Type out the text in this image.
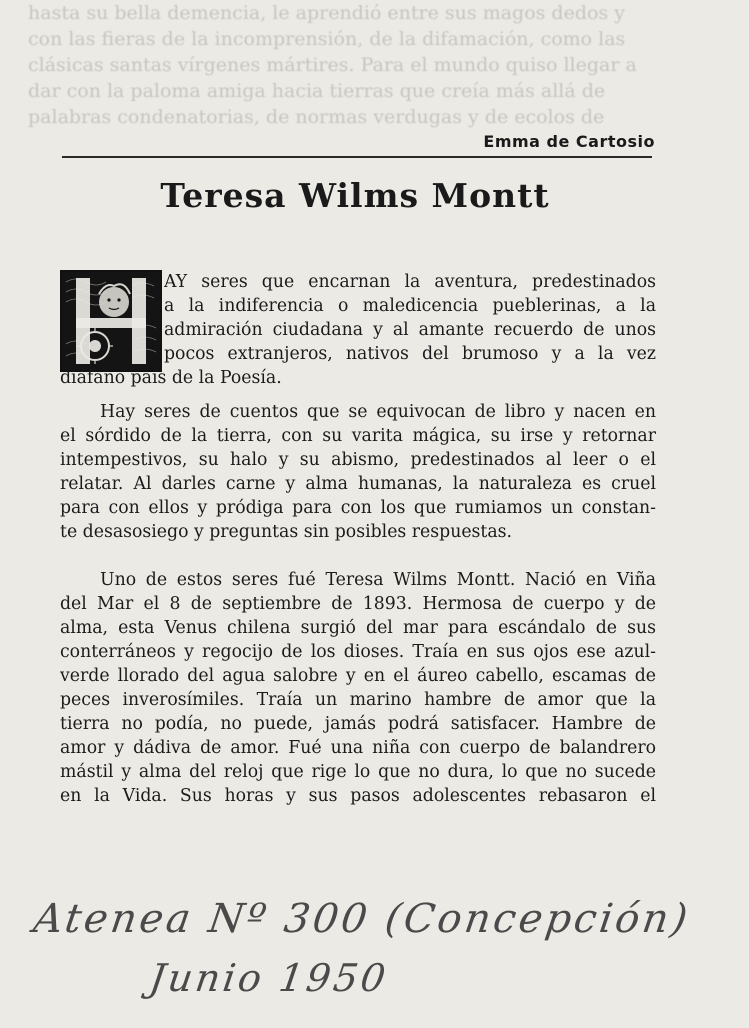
hasta su bella demencia, le aprendió entre sus magos dedos y
con las fieras de la incomprensión, de la difamación, como las
clásicas santas vírgenes mártires. Para el mundo quiso llegar a
dar con la paloma amiga hacia tierras que creía más allá de
palabras condenatorias, de normas verdugas y de ecolos de
Emma de Cartosio
Teresa Wilms Montt
AY seres que encarnan la aventura, predestinados
a la indiferencia o maledicencia pueblerinas, a la
admiración ciudadana y al amante recuerdo de unos
pocos extranjeros, nativos del brumoso y a la vez
diáfano país de la Poesía.
Hay seres de cuentos que se equivocan de libro y nacen en
el sórdido de la tierra, con su varita mágica, su irse y retornar
intempestivos, su halo y su abismo, predestinados al leer o el
relatar. Al darles carne y alma humanas, la naturaleza es cruel
para con ellos y pródiga para con los que rumiamos un constan-
te desasosiego y preguntas sin posibles respuestas.
Uno de estos seres fué Teresa Wilms Montt. Nació en Viña
del Mar el 8 de septiembre de 1893. Hermosa de cuerpo y de
alma, esta Venus chilena surgió del mar para escándalo de sus
conterráneos y regocijo de los dioses. Traía en sus ojos ese azul-
verde llorado del agua salobre y en el áureo cabello, escamas de
peces inverosímiles. Traía un marino hambre de amor que la
tierra no podía, no puede, jamás podrá satisfacer. Hambre de
amor y dádiva de amor. Fué una niña con cuerpo de balandrero
mástil y alma del reloj que rige lo que no dura, lo que no sucede
en la Vida. Sus horas y sus pasos adolescentes rebasaron el
Atenea Nº 300 (Concepción)
Junio 1950
